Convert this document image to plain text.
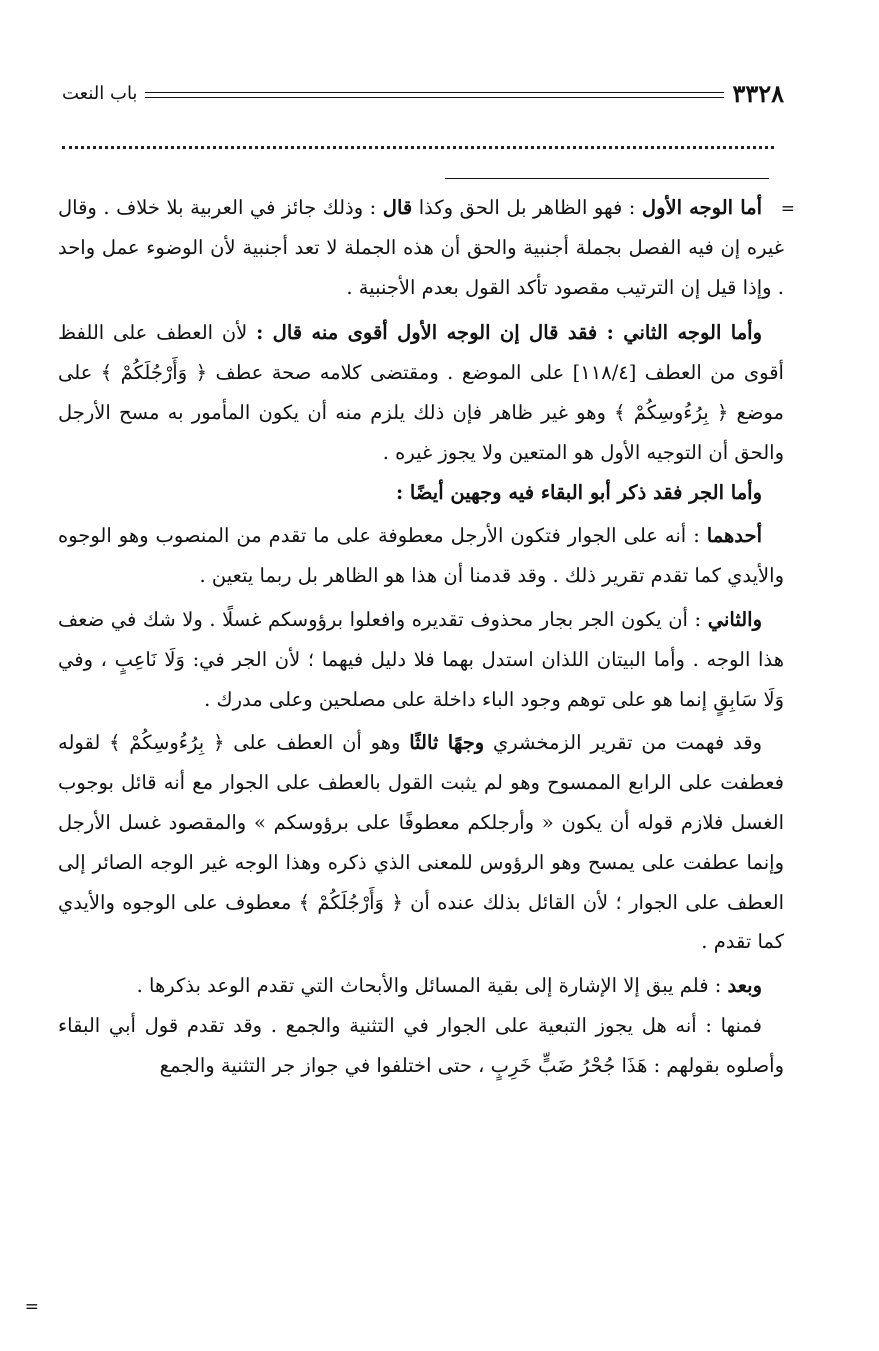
٣٣٢٨
باب النعت
=
=

أما الوجه الأول : فهو الظاهر بل الحق وكذا قال : وذلك جائز في العربية بلا خلاف . وقال غيره إن فيه الفصل بجملة أجنبية والحق أن هذه الجملة لا تعد أجنبية لأن الوضوء عمل واحد . وإذا قيل إن الترتيب مقصود تأكد القول بعدم الأجنبية .

وأما الوجه الثاني : فقد قال إن الوجه الأول أقوى منه قال : لأن العطف على اللفظ أقوى من العطف [١١٨/٤] على الموضع . ومقتضى كلامه صحة عطف ﴿ وَأَرْجُلَكُمْ ﴾ على موضع ﴿ بِرُءُوسِكُمْ ﴾ وهو غير ظاهر فإن ذلك يلزم منه أن يكون المأمور به مسح الأرجل والحق أن التوجيه الأول هو المتعين ولا يجوز غيره .

وأما الجر فقد ذكر أبو البقاء فيه وجهين أيضًا :

أحدهما : أنه على الجوار فتكون الأرجل معطوفة على ما تقدم من المنصوب وهو الوجوه والأيدي كما تقدم تقرير ذلك . وقد قدمنا أن هذا هو الظاهر بل ربما يتعين .

والثاني : أن يكون الجر بجار محذوف تقديره وافعلوا برؤوسكم غسلًا . ولا شك في ضعف هذا الوجه . وأما البيتان اللذان استدل بهما فلا دليل فيهما ؛ لأن الجر في: وَلَا نَاعِبٍ ، وفي وَلَا سَابِقٍ إنما هو على توهم وجود الباء داخلة على مصلحين وعلى مدرك .

وقد فهمت من تقرير الزمخشري وجهًا ثالثًا وهو أن العطف على ﴿ بِرُءُوسِكُمْ ﴾ لقوله فعطفت على الرابع الممسوح وهو لم يثبت القول بالعطف على الجوار مع أنه قائل بوجوب الغسل فلازم قوله أن يكون « وأرجلكم معطوفًا على برؤوسكم » والمقصود غسل الأرجل وإنما عطفت على يمسح وهو الرؤوس للمعنى الذي ذكره وهذا الوجه غير الوجه الصائر إلى العطف على الجوار ؛ لأن القائل بذلك عنده أن ﴿ وَأَرْجُلَكُمْ ﴾ معطوف على الوجوه والأيدي كما تقدم .

وبعد : فلم يبق إلا الإشارة إلى بقية المسائل والأبحاث التي تقدم الوعد بذكرها .

فمنها : أنه هل يجوز التبعية على الجوار في التثنية والجمع . وقد تقدم قول أبي البقاء وأصلوه بقولهم : هَذَا جُحْرُ ضَبٍّ خَرِبٍ ، حتى اختلفوا في جواز جر التثنية والجمع
